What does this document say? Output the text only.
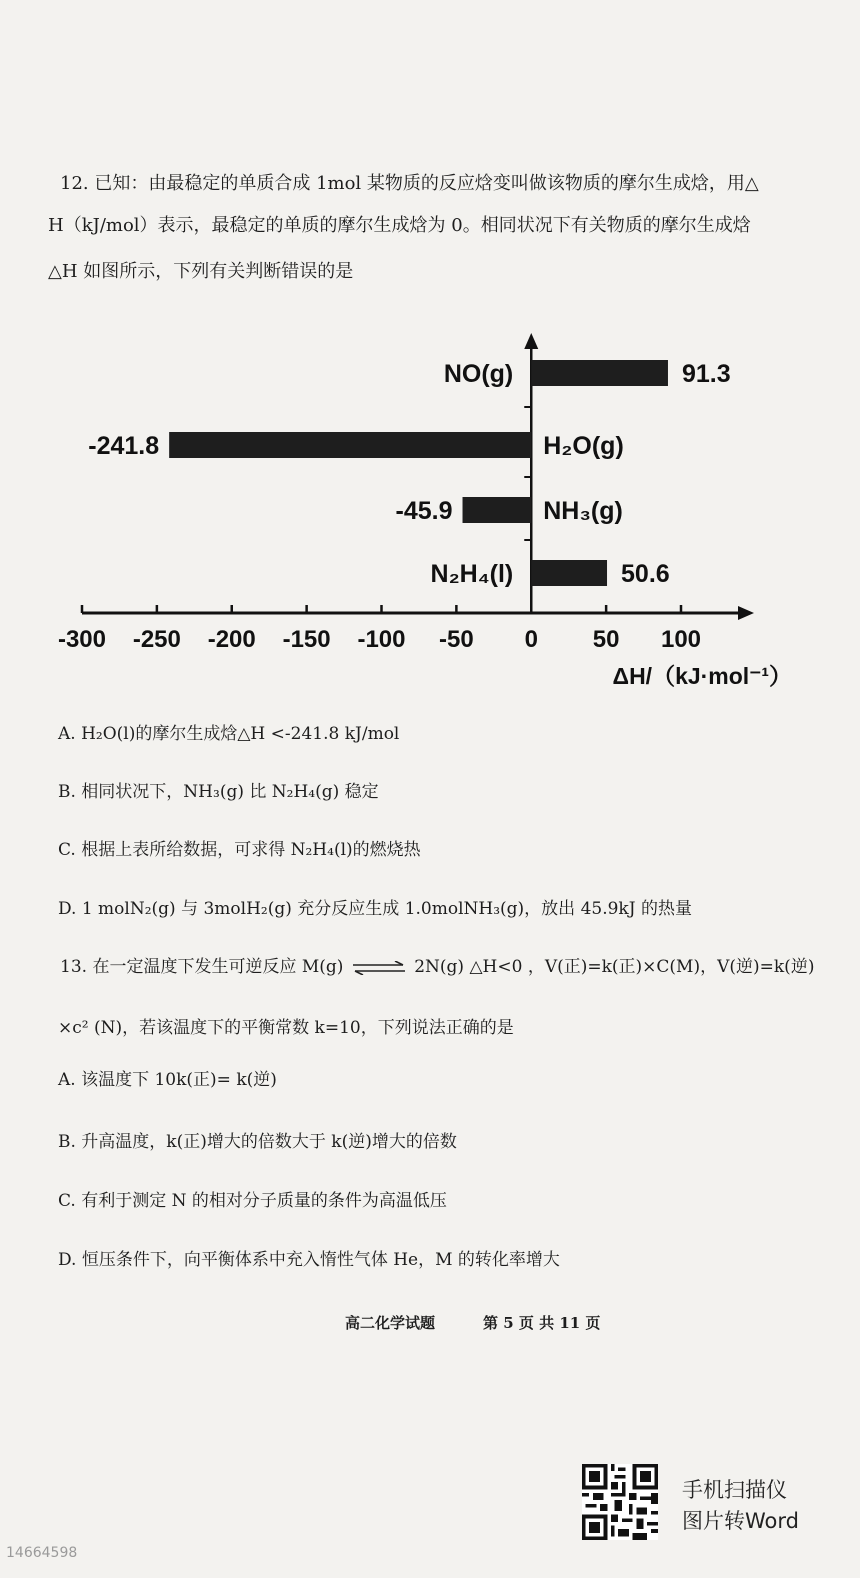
12. 已知：由最稳定的单质合成 1mol 某物质的反应焓变叫做该物质的摩尔生成焓，用△
H（kJ/mol）表示，最稳定的单质的摩尔生成焓为 0。相同状况下有关物质的摩尔生成焓
△H 如图所示，下列有关判断错误的是
NO(g)	91.3
H₂O(g)
-241.8
NH₃(g)
-45.9
N₂H₄(l)	50.6
-300 -250 -200 -150 -100 -50 0 50 100
ΔH/（kJ·mol⁻¹）
A. H₂O(l)的摩尔生成焓△H <-241.8 kJ/mol
B. 相同状况下，NH₃(g) 比 N₂H₄(g) 稳定
C. 根据上表所给数据，可求得 N₂H₄(l)的燃烧热
D. 1 molN₂(g) 与 3molH₂(g) 充分反应生成 1.0molNH₃(g)，放出 45.9kJ 的热量
13. 在一定温度下发生可逆反应 M(g) ⇌ 2N(g) △H<0 ，V(正)=k(正)×C(M)，V(逆)=k(逆)
×c² (N)，若该温度下的平衡常数 k=10，下列说法正确的是
A. 该温度下 10k(正)= k(逆)
B. 升高温度，k(正)增大的倍数大于 k(逆)增大的倍数
C. 有利于测定 N 的相对分子质量的条件为高温低压
D. 恒压条件下，向平衡体系中充入惰性气体 He，M 的转化率增大
高二化学试题	第 5 页 共 11 页
手机扫描仪
图片转Word
14664598
